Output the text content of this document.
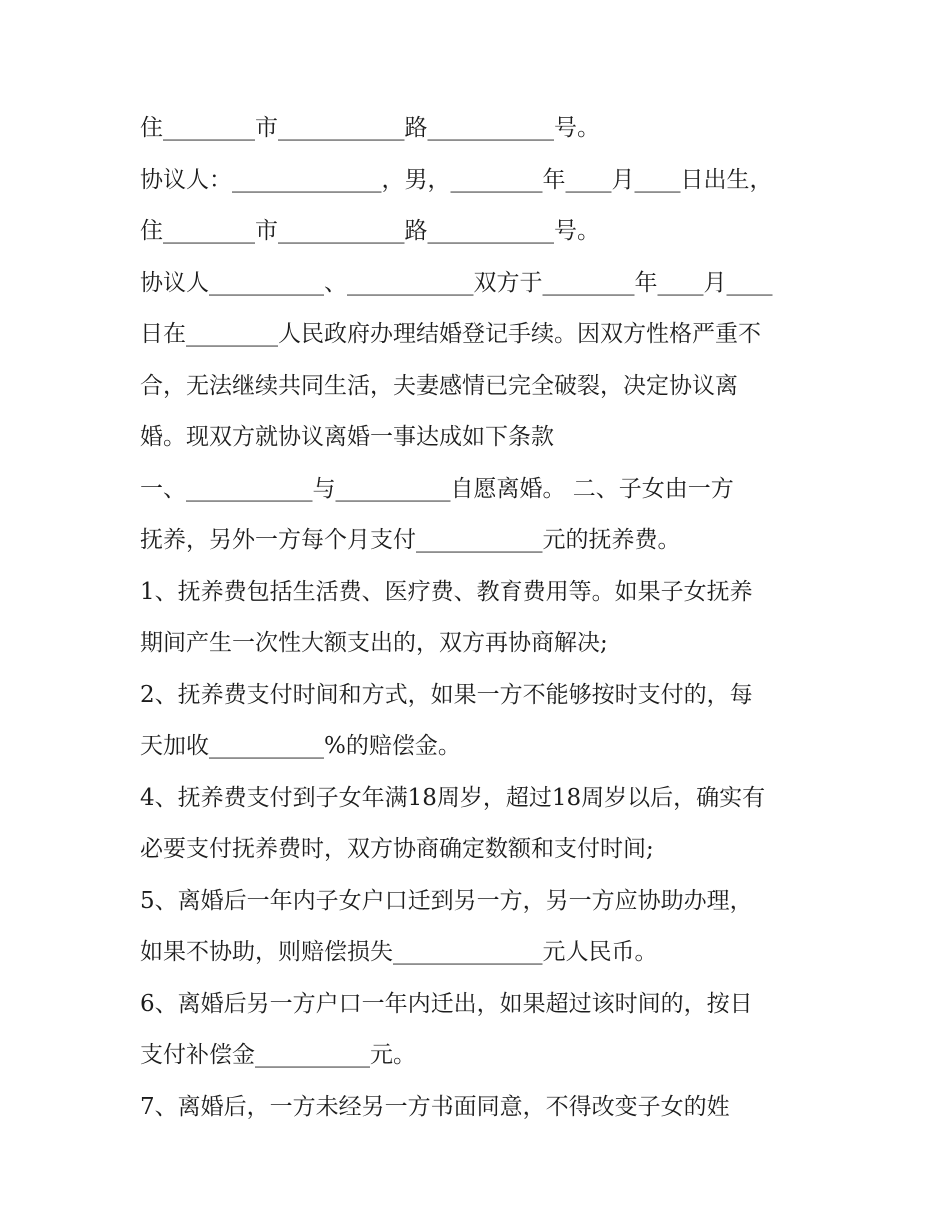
住________市___________路___________号。
协议人：_____________，男，________年____月____日出生，
住________市___________路___________号。
协议人__________、___________双方于________年____月____
日在________人民政府办理结婚登记手续。因双方性格严重不
合，无法继续共同生活，夫妻感情已完全破裂，决定协议离
婚。现双方就协议离婚一事达成如下条款
一、___________与__________自愿离婚。 二、子女由一方
抚养，另外一方每个月支付___________元的抚养费。
1、抚养费包括生活费、医疗费、教育费用等。如果子女抚养
期间产生一次性大额支出的，双方再协商解决;
2、抚养费支付时间和方式，如果一方不能够按时支付的，每
天加收__________%的赔偿金。
4、抚养费支付到子女年满18周岁，超过18周岁以后，确实有
必要支付抚养费时，双方协商确定数额和支付时间;
5、离婚后一年内子女户口迁到另一方，另一方应协助办理，
如果不协助，则赔偿损失_____________元人民币。
6、离婚后另一方户口一年内迁出，如果超过该时间的，按日
支付补偿金__________元。
7、离婚后，一方未经另一方书面同意，不得改变子女的姓
